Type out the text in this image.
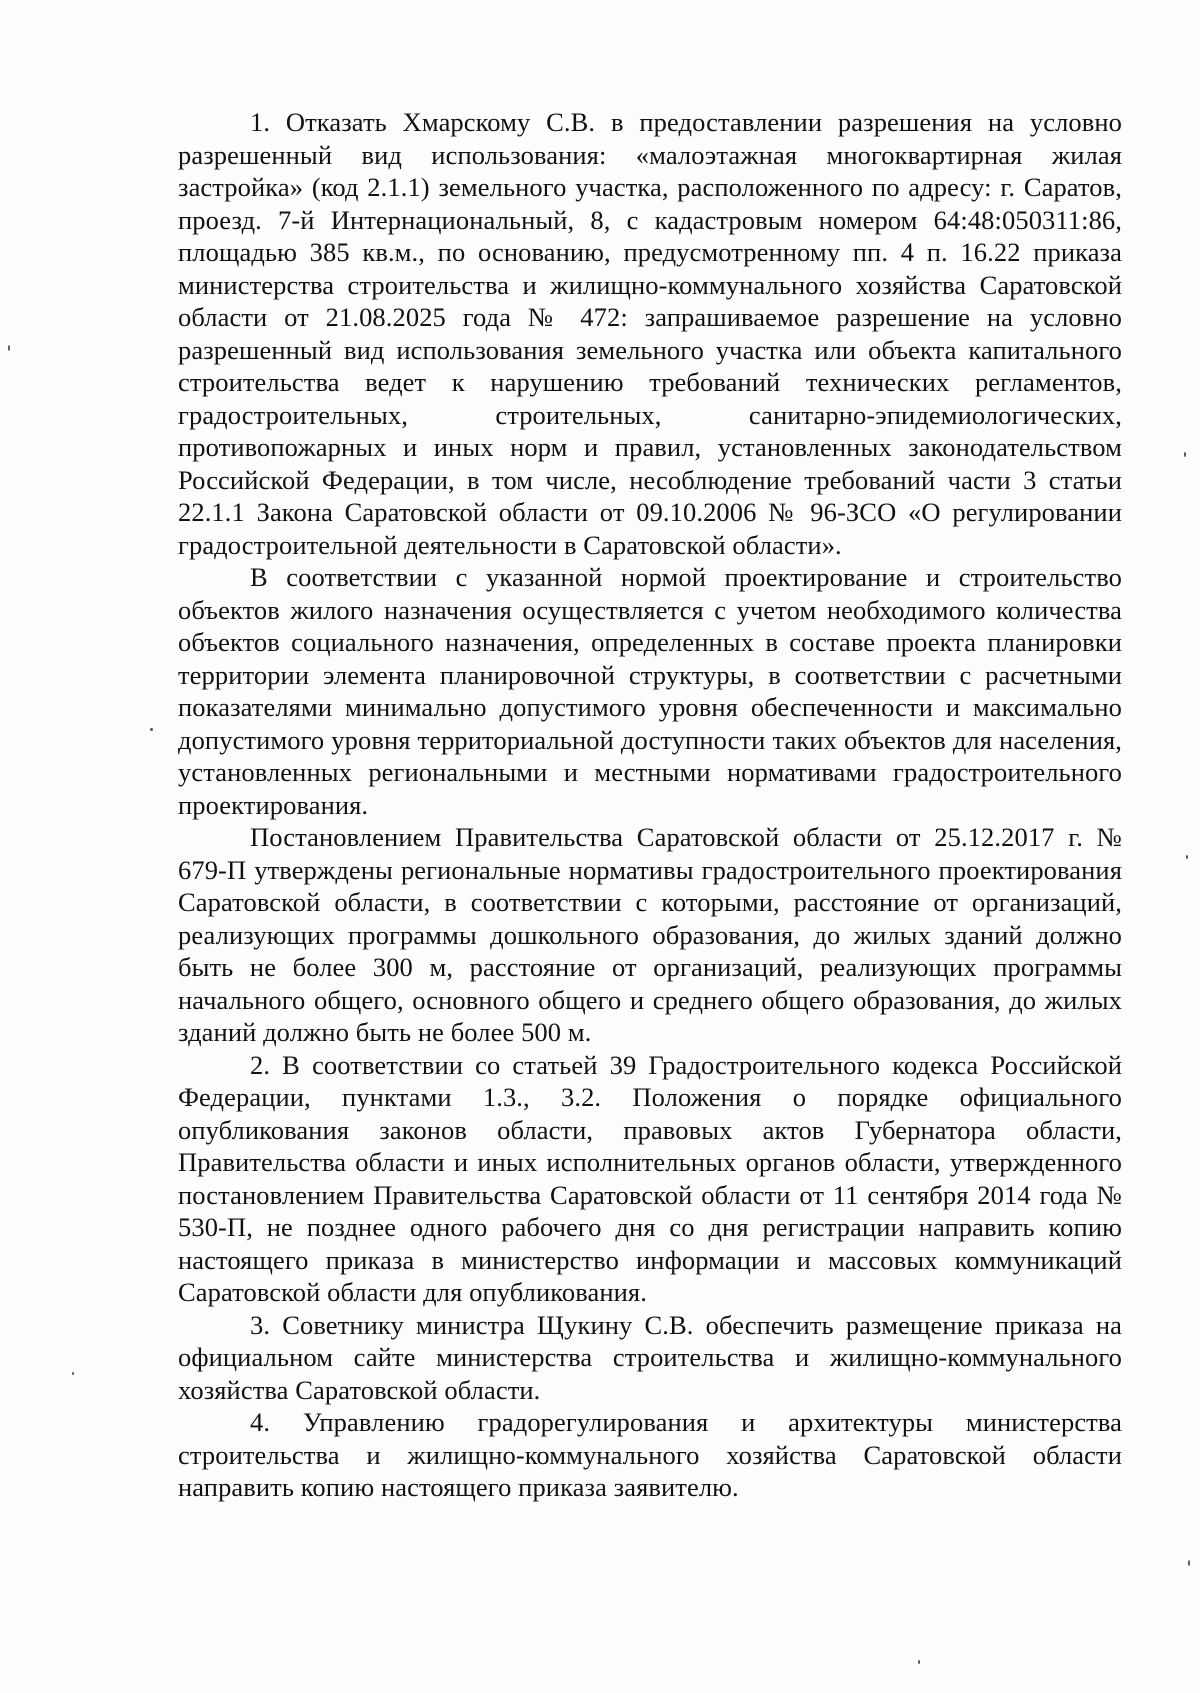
1. Отказать Хмарскому С.В. в предоставлении разрешения на условно разрешенный вид использования: «малоэтажная многоквартирная жилая застройка» (код 2.1.1) земельного участка, расположенного по адресу: г. Саратов, проезд. 7-й Интернациональный, 8, с кадастровым номером 64:48:050311:86, площадью 385 кв.м., по основанию, предусмотренному пп. 4 п. 16.22 приказа министерства строительства и жилищно-коммунального хозяйства Саратовской области от 21.08.2025 года № 472: запрашиваемое разрешение на условно разрешенный вид использования земельного участка или объекта капитального строительства ведет к нарушению требований технических регламентов, градостроительных, строительных, санитарно-эпидемиологических, противопожарных и иных норм и правил, установленных законодательством Российской Федерации, в том числе, несоблюдение требований части 3 статьи 22.1.1 Закона Саратовской области от 09.10.2006 № 96-ЗСО «О регулировании градостроительной деятельности в Саратовской области».

В соответствии с указанной нормой проектирование и строительство объектов жилого назначения осуществляется с учетом необходимого количества объектов социального назначения, определенных в составе проекта планировки территории элемента планировочной структуры, в соответствии с расчетными показателями минимально допустимого уровня обеспеченности и максимально допустимого уровня территориальной доступности таких объектов для населения, установленных региональными и местными нормативами градостроительного проектирования.

Постановлением Правительства Саратовской области от 25.12.2017 г. № 679-П утверждены региональные нормативы градостроительного проектирования Саратовской области, в соответствии с которыми, расстояние от организаций, реализующих программы дошкольного образования, до жилых зданий должно быть не более 300 м, расстояние от организаций, реализующих программы начального общего, основного общего и среднего общего образования, до жилых зданий должно быть не более 500 м.

2. В соответствии со статьей 39 Градостроительного кодекса Российской Федерации, пунктами 1.3., 3.2. Положения о порядке официального опубликования законов области, правовых актов Губернатора области, Правительства области и иных исполнительных органов области, утвержденного постановлением Правительства Саратовской области от 11 сентября 2014 года № 530-П, не позднее одного рабочего дня со дня регистрации направить копию настоящего приказа в министерство информации и массовых коммуникаций Саратовской области для опубликования.

3. Советнику министра Щукину С.В. обеспечить размещение приказа на официальном сайте министерства строительства и жилищно-коммунального хозяйства Саратовской области.

4. Управлению градорегулирования и архитектуры министерства строительства и жилищно-коммунального хозяйства Саратовской области направить копию настоящего приказа заявителю.
